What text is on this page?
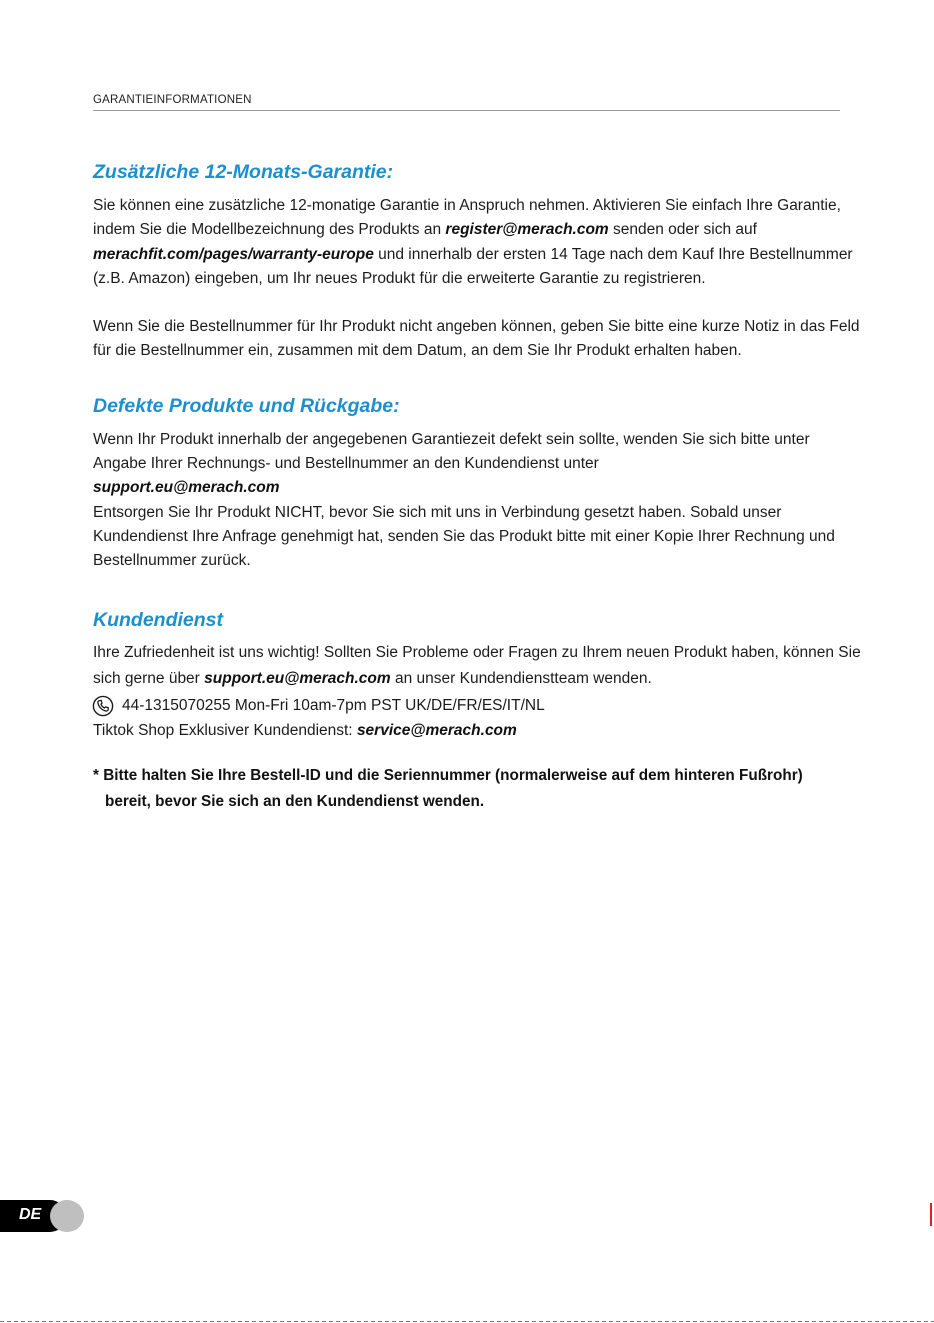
GARANTIEINFORMATIONEN
Zusätzliche 12-Monats-Garantie:

Sie können eine zusätzliche 12-monatige Garantie in Anspruch nehmen. Aktivieren Sie einfach Ihre Garantie, indem Sie die Modellbezeichnung des Produkts an register@merach.com senden oder sich auf merachfit.com/pages/warranty-europe und innerhalb der ersten 14 Tage nach dem Kauf Ihre Bestellnummer (z.B. Amazon) eingeben, um Ihr neues Produkt für die erweiterte Garantie zu registrieren.

Wenn Sie die Bestellnummer für Ihr Produkt nicht angeben können, geben Sie bitte eine kurze Notiz in das Feld für die Bestellnummer ein, zusammen mit dem Datum, an dem Sie Ihr Produkt erhalten haben.

Defekte Produkte und Rückgabe:

Wenn Ihr Produkt innerhalb der angegebenen Garantiezeit defekt sein sollte, wenden Sie sich bitte unter Angabe Ihrer Rechnungs- und Bestellnummer an den Kundendienst unter

support.eu@merach.com

Entsorgen Sie Ihr Produkt NICHT, bevor Sie sich mit uns in Verbindung gesetzt haben. Sobald unser Kundendienst Ihre Anfrage genehmigt hat, senden Sie das Produkt bitte mit einer Kopie Ihrer Rechnung und Bestellnummer zurück.

Kundendienst

Ihre Zufriedenheit ist uns wichtig! Sollten Sie Probleme oder Fragen zu Ihrem neuen Produkt haben, können Sie sich gerne über support.eu@merach.com an unser Kundendienstteam wenden.

44-1315070255 Mon-Fri 10am-7pm PST UK/DE/FR/ES/IT/NL

Tiktok Shop Exklusiver Kundendienst: service@merach.com

* Bitte halten Sie Ihre Bestell-ID und die Seriennummer (normalerweise auf dem hinteren Fußrohr) bereit, bevor Sie sich an den Kundendienst wenden.
DE
